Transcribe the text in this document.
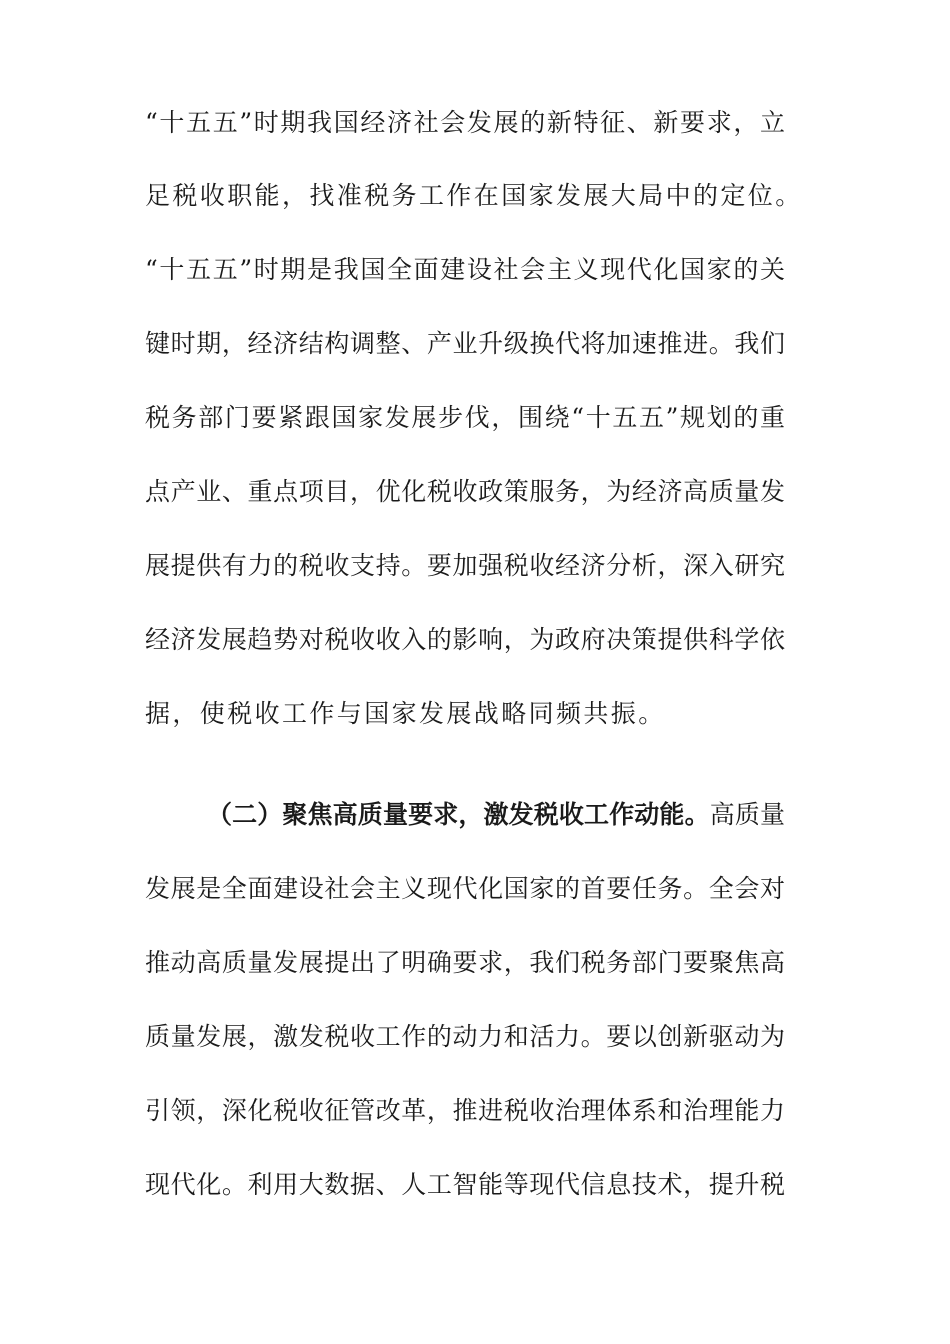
“十五五”时期我国经济社会发展的新特征、新要求，立
足税收职能，找准税务工作在国家发展大局中的定位。
“十五五”时期是我国全面建设社会主义现代化国家的关
键时期，经济结构调整、产业升级换代将加速推进。我们
税务部门要紧跟国家发展步伐，围绕“十五五”规划的重
点产业、重点项目，优化税收政策服务，为经济高质量发
展提供有力的税收支持。要加强税收经济分析，深入研究
经济发展趋势对税收收入的影响，为政府决策提供科学依
据，使税收工作与国家发展战略同频共振。
（二）聚焦高质量要求，激发税收工作动能。高质量
发展是全面建设社会主义现代化国家的首要任务。全会对
推动高质量发展提出了明确要求，我们税务部门要聚焦高
质量发展，激发税收工作的动力和活力。要以创新驱动为
引领，深化税收征管改革，推进税收治理体系和治理能力
现代化。利用大数据、人工智能等现代信息技术，提升税
